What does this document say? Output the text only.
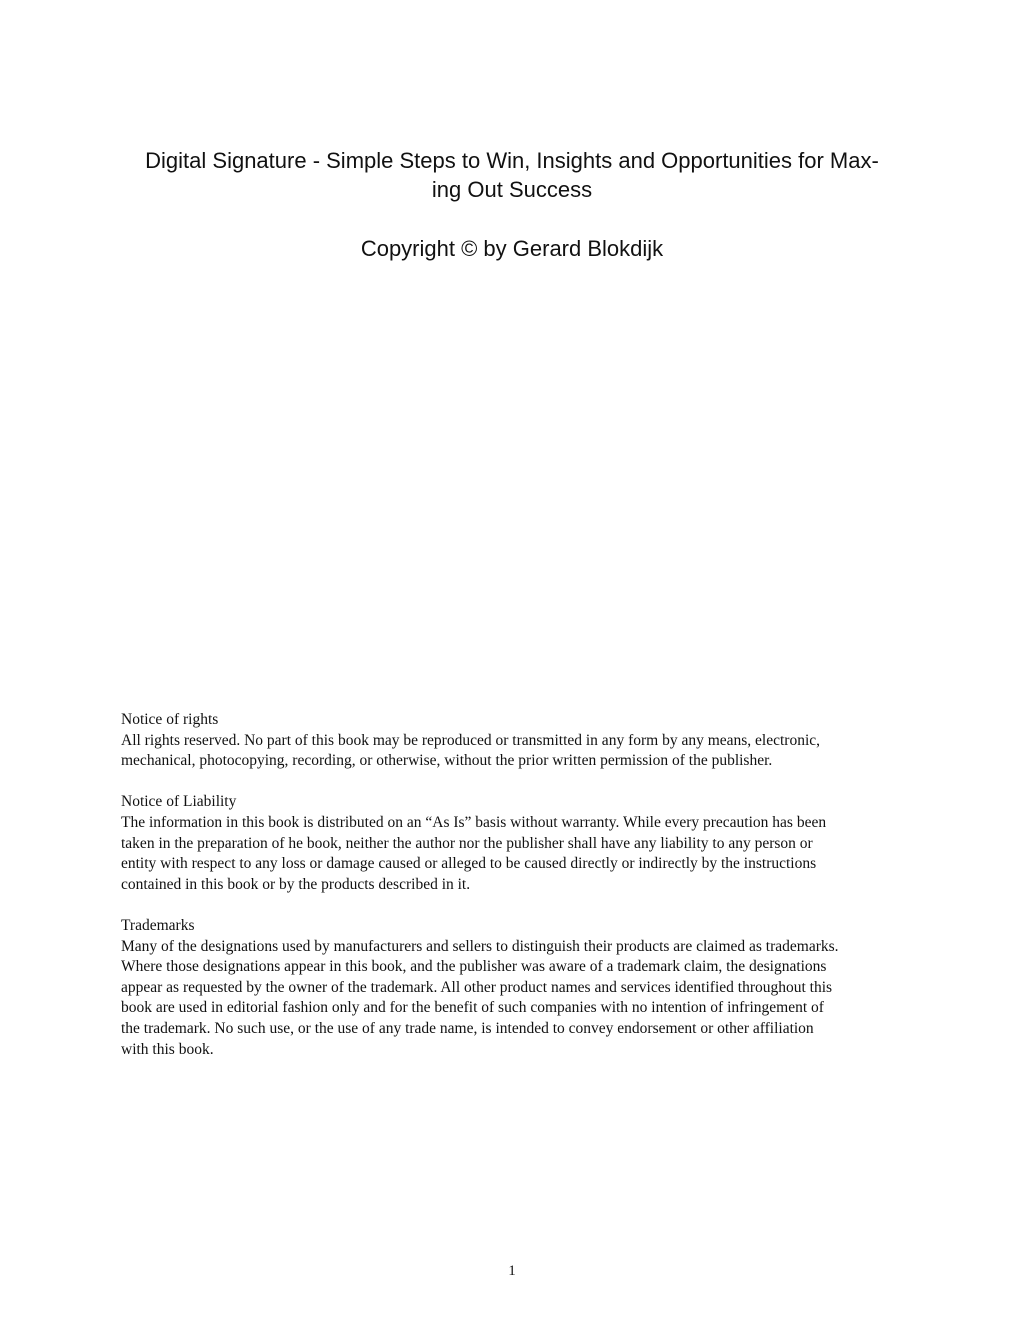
Digital Signature - Simple Steps to Win, Insights and Opportunities for Max-
ing Out Success

Copyright © by Gerard Blokdijk

Notice of rights
All rights reserved. No part of this book may be reproduced or transmitted in any form by any means, electronic,
mechanical, photocopying, recording, or otherwise, without the prior written permission of the publisher.
Notice of Liability
The information in this book is distributed on an “As Is” basis without warranty. While every precaution has been
taken in the preparation of he book, neither the author nor the publisher shall have any liability to any person or
entity with respect to any loss or damage caused or alleged to be caused directly or indirectly by the instructions
contained in this book or by the products described in it.
Trademarks
Many of the designations used by manufacturers and sellers to distinguish their products are claimed as trademarks.
Where those designations appear in this book, and the publisher was aware of a trademark claim, the designations
appear as requested by the owner of the trademark. All other product names and services identified throughout this
book are used in editorial fashion only and for the benefit of such companies with no intention of infringement of
the trademark. No such use, or the use of any trade name, is intended to convey endorsement or other affiliation
with this book.
1
